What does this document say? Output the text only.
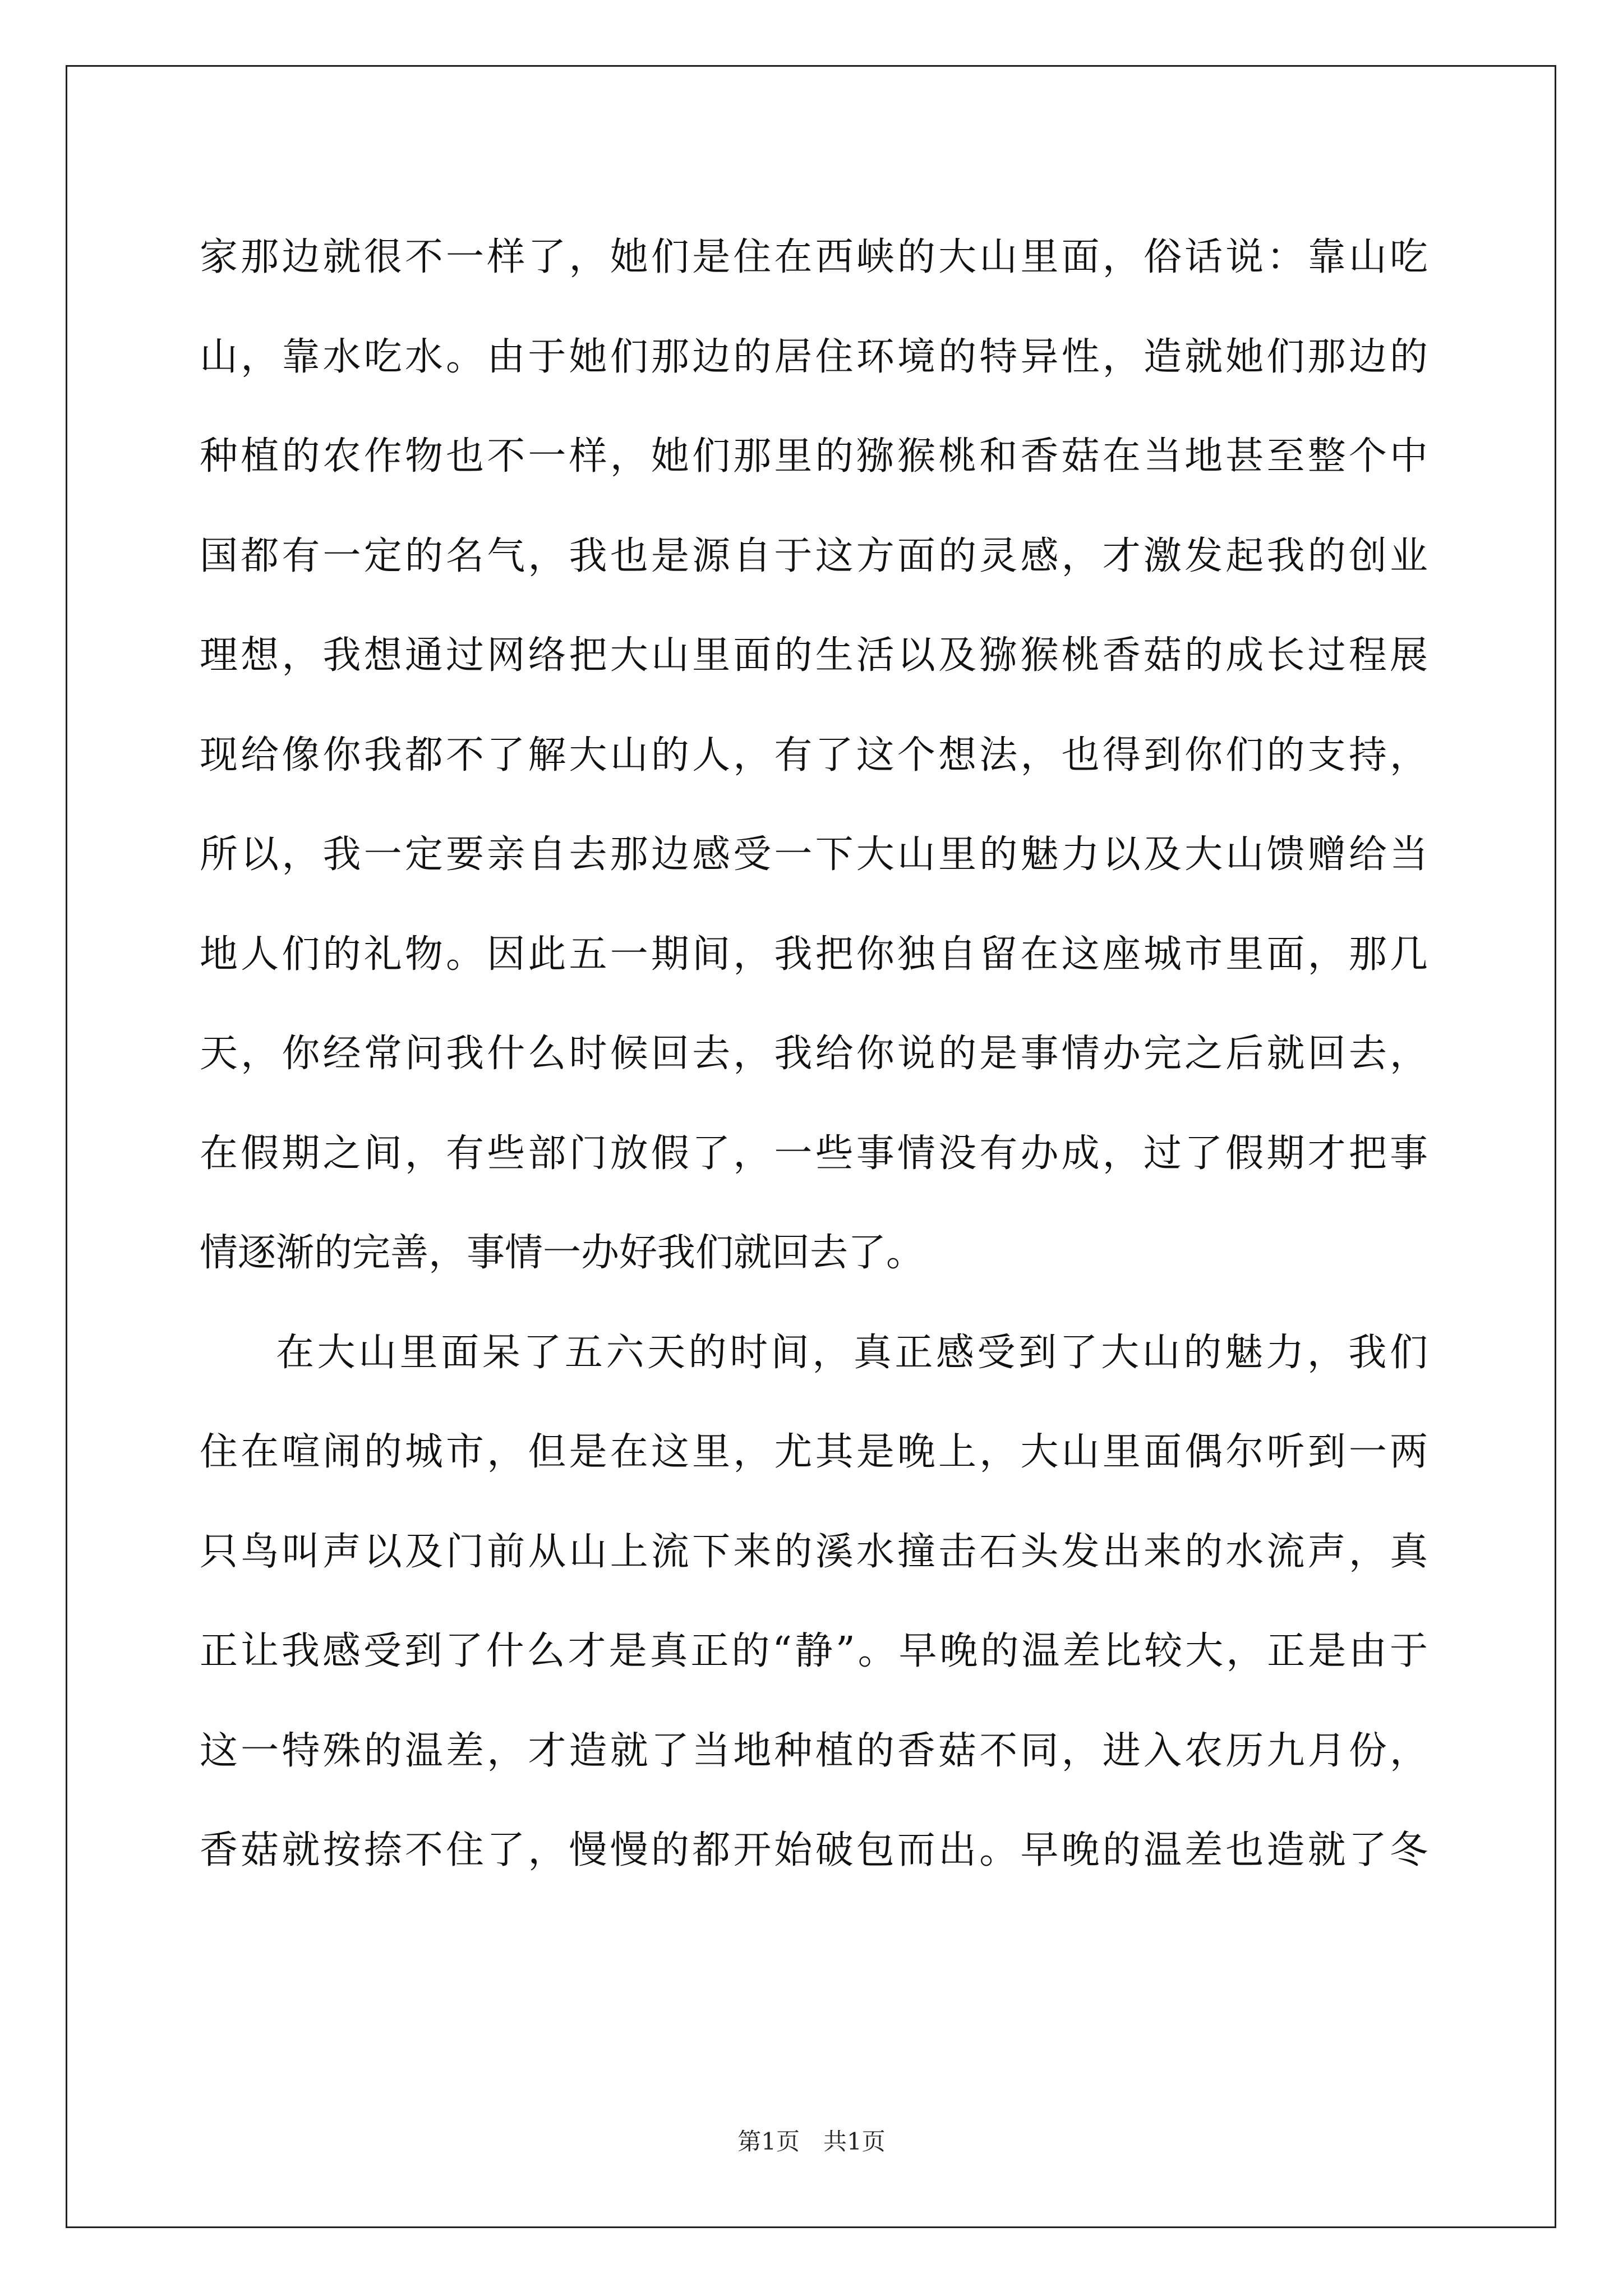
家那边就很不一样了，她们是住在西峡的大山里面，俗话说：靠山吃
山，靠水吃水。由于她们那边的居住环境的特异性，造就她们那边的
种植的农作物也不一样，她们那里的猕猴桃和香菇在当地甚至整个中
国都有一定的名气，我也是源自于这方面的灵感，才激发起我的创业
理想，我想通过网络把大山里面的生活以及猕猴桃香菇的成长过程展
现给像你我都不了解大山的人，有了这个想法，也得到你们的支持，
所以，我一定要亲自去那边感受一下大山里的魅力以及大山馈赠给当
地人们的礼物。因此五一期间，我把你独自留在这座城市里面，那几
天，你经常问我什么时候回去，我给你说的是事情办完之后就回去，
在假期之间，有些部门放假了，一些事情没有办成，过了假期才把事
情逐渐的完善，事情一办好我们就回去了。
在大山里面呆了五六天的时间，真正感受到了大山的魅力，我们
住在喧闹的城市，但是在这里，尤其是晚上，大山里面偶尔听到一两
只鸟叫声以及门前从山上流下来的溪水撞击石头发出来的水流声，真
正让我感受到了什么才是真正的“静”。早晚的温差比较大，正是由于
这一特殊的温差，才造就了当地种植的香菇不同，进入农历九月份，
香菇就按捺不住了，慢慢的都开始破包而出。早晚的温差也造就了冬
第1页　共1页
